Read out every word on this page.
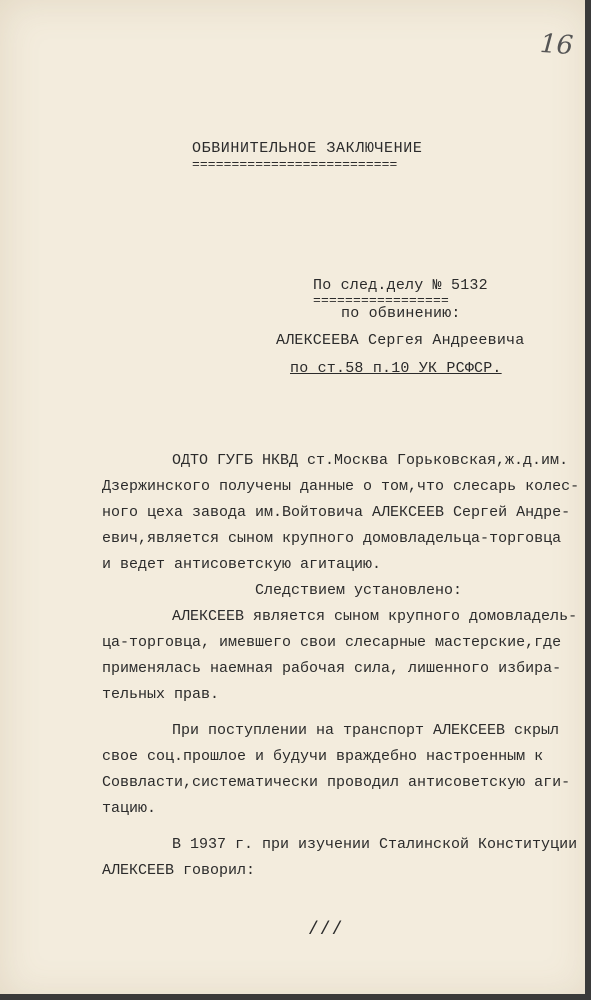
16
ОБВИНИТЕЛЬНОЕ ЗАКЛЮЧЕНИЕ
==========================
По след.делу № 5132
=================
по обвинению:
АЛЕКСЕЕВА Сергея Андреевича
по ст.58 п.10 УК РСФСР.
ОДТО ГУГБ НКВД ст.Москва Горьковская,ж.д.им.
Дзержинского получены данные о том,что слесарь колес-
ного цеха завода им.Войтовича АЛЕКСЕЕВ Сергей Андре-
евич,является сыном крупного домовладельца-торговца
и ведет антисоветскую агитацию.
Следствием установлено:
АЛЕКСЕЕВ является сыном крупного домовладель-
ца-торговца, имевшего свои слесарные мастерские,где
применялась наемная рабочая сила, лишенного избира-
тельных прав.
При поступлении на транспорт АЛЕКСЕЕВ скрыл
свое соц.прошлое и будучи враждебно настроенным к
Соввласти,систематически проводил антисоветскую аги-
тацию.
В 1937 г. при изучении Сталинской Конституции
АЛЕКСЕЕВ говорил:
///
